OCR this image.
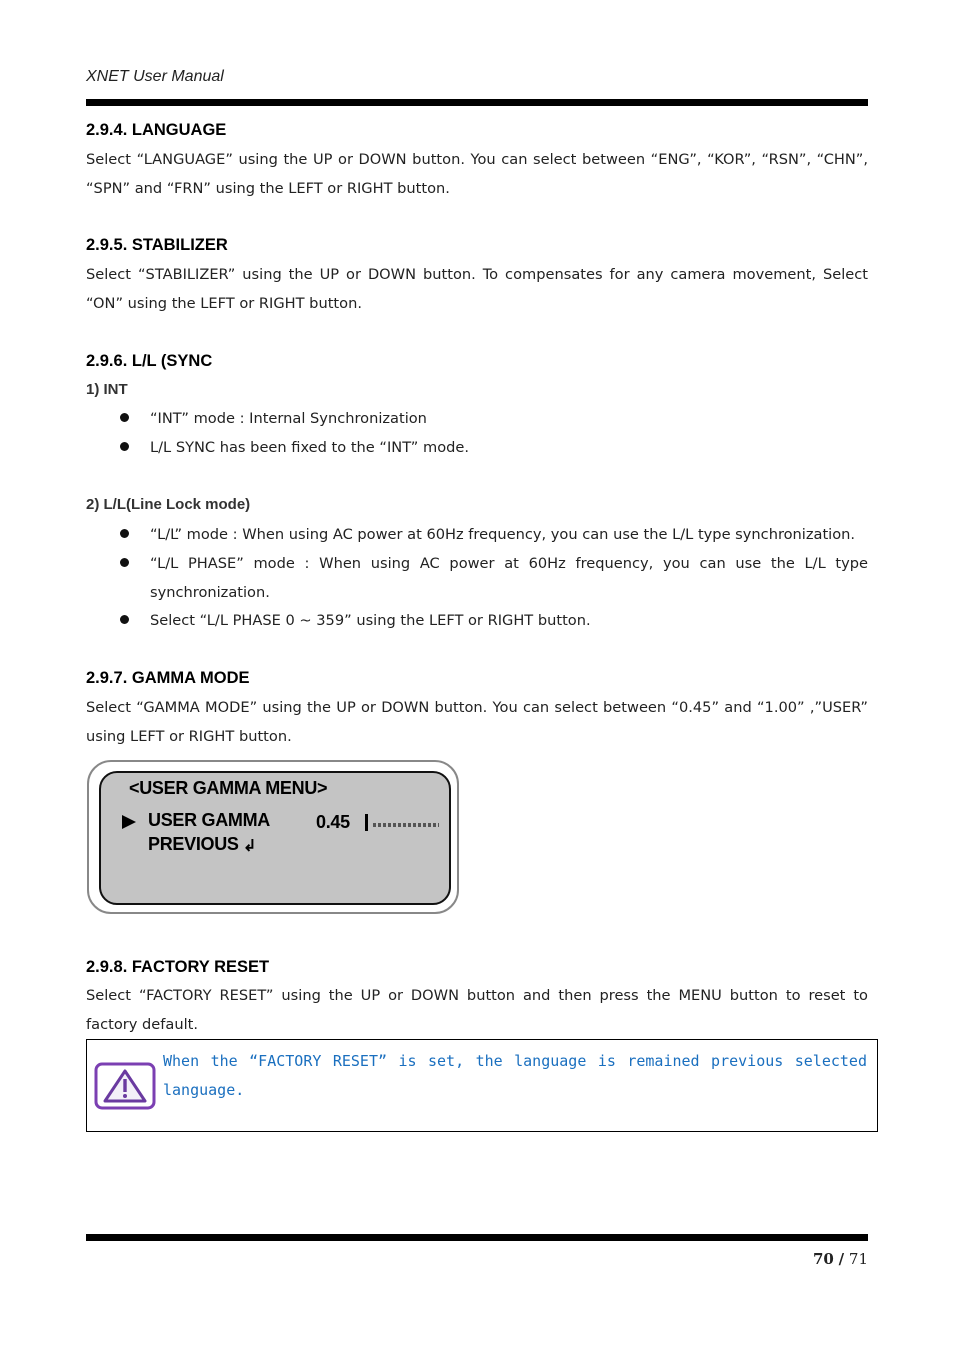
XNET User Manual
2.9.4. LANGUAGE

Select “LANGUAGE” using the UP or DOWN button. You can select between “ENG”, “KOR”, “RSN”, “CHN”, “SPN” and “FRN” using the LEFT or RIGHT button.

2.9.5. STABILIZER

Select “STABILIZER” using the UP or DOWN button. To compensates for any camera movement, Select “ON” using the LEFT or RIGHT button.

2.9.6. L/L (SYNC
1) INT
“INT” mode : Internal Synchronization
L/L SYNC has been fixed to the “INT” mode.
2) L/L(Line Lock mode)
“L/L” mode : When using AC power at 60Hz frequency, you can use the L/L type synchronization.
“L/L PHASE” mode : When using AC power at 60Hz frequency, you can use the L/L type synchronization.
Select “L/L PHASE 0 ~ 359” using the LEFT or RIGHT button.
2.9.7. GAMMA MODE

Select “GAMMA MODE” using the UP or DOWN button. You can select between “0.45” and “1.00” ,”USER” using LEFT or RIGHT button.

<USER GAMMA MENU>
USER GAMMA	0.45
PREVIOUS ↲
2.9.8. FACTORY RESET

Select “FACTORY RESET” using the UP or DOWN button and then press the MENU button to reset to factory default.

When the “FACTORY RESET” is set, the language is remained previous selected language.
70 / 71
